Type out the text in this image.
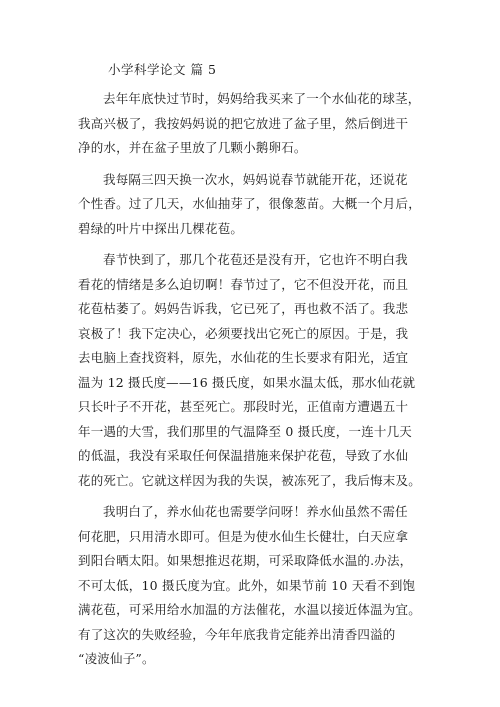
小学科学论文 篇 5
去年年底快过节时，妈妈给我买来了一个水仙花的球茎，
我高兴极了，我按妈妈说的把它放进了盆子里，然后倒进干
净的水，并在盆子里放了几颗小鹅卵石。
我每隔三四天换一次水，妈妈说春节就能开花，还说花
个性香。过了几天，水仙抽芽了，很像葱苗。大概一个月后，
碧绿的叶片中探出几棵花苞。
春节快到了，那几个花苞还是没有开，它也许不明白我
看花的情绪是多么迫切啊！春节过了，它不但没开花，而且
花苞枯萎了。妈妈告诉我，它已死了，再也救不活了。我悲
哀极了！我下定决心，必须要找出它死亡的原因。于是，我
去电脑上查找资料，原先，水仙花的生长要求有阳光，适宜
温为 12 摄氏度——16 摄氏度，如果水温太低，那水仙花就
只长叶子不开花，甚至死亡。那段时光，正值南方遭遇五十
年一遇的大雪，我们那里的气温降至 0 摄氏度，一连十几天
的低温，我没有采取任何保温措施来保护花苞，导致了水仙
花的死亡。它就这样因为我的失误，被冻死了，我后悔末及。
我明白了，养水仙花也需要学问呀！养水仙虽然不需任
何花肥，只用清水即可。但是为使水仙生长健壮，白天应拿
到阳台晒太阳。如果想推迟花期，可采取降低水温的.办法，
不可太低，10 摄氏度为宜。此外，如果节前 10 天看不到饱
满花苞，可采用给水加温的方法催花，水温以接近体温为宜。
有了这次的失败经验，今年年底我肯定能养出清香四溢的
“凌波仙子”。
